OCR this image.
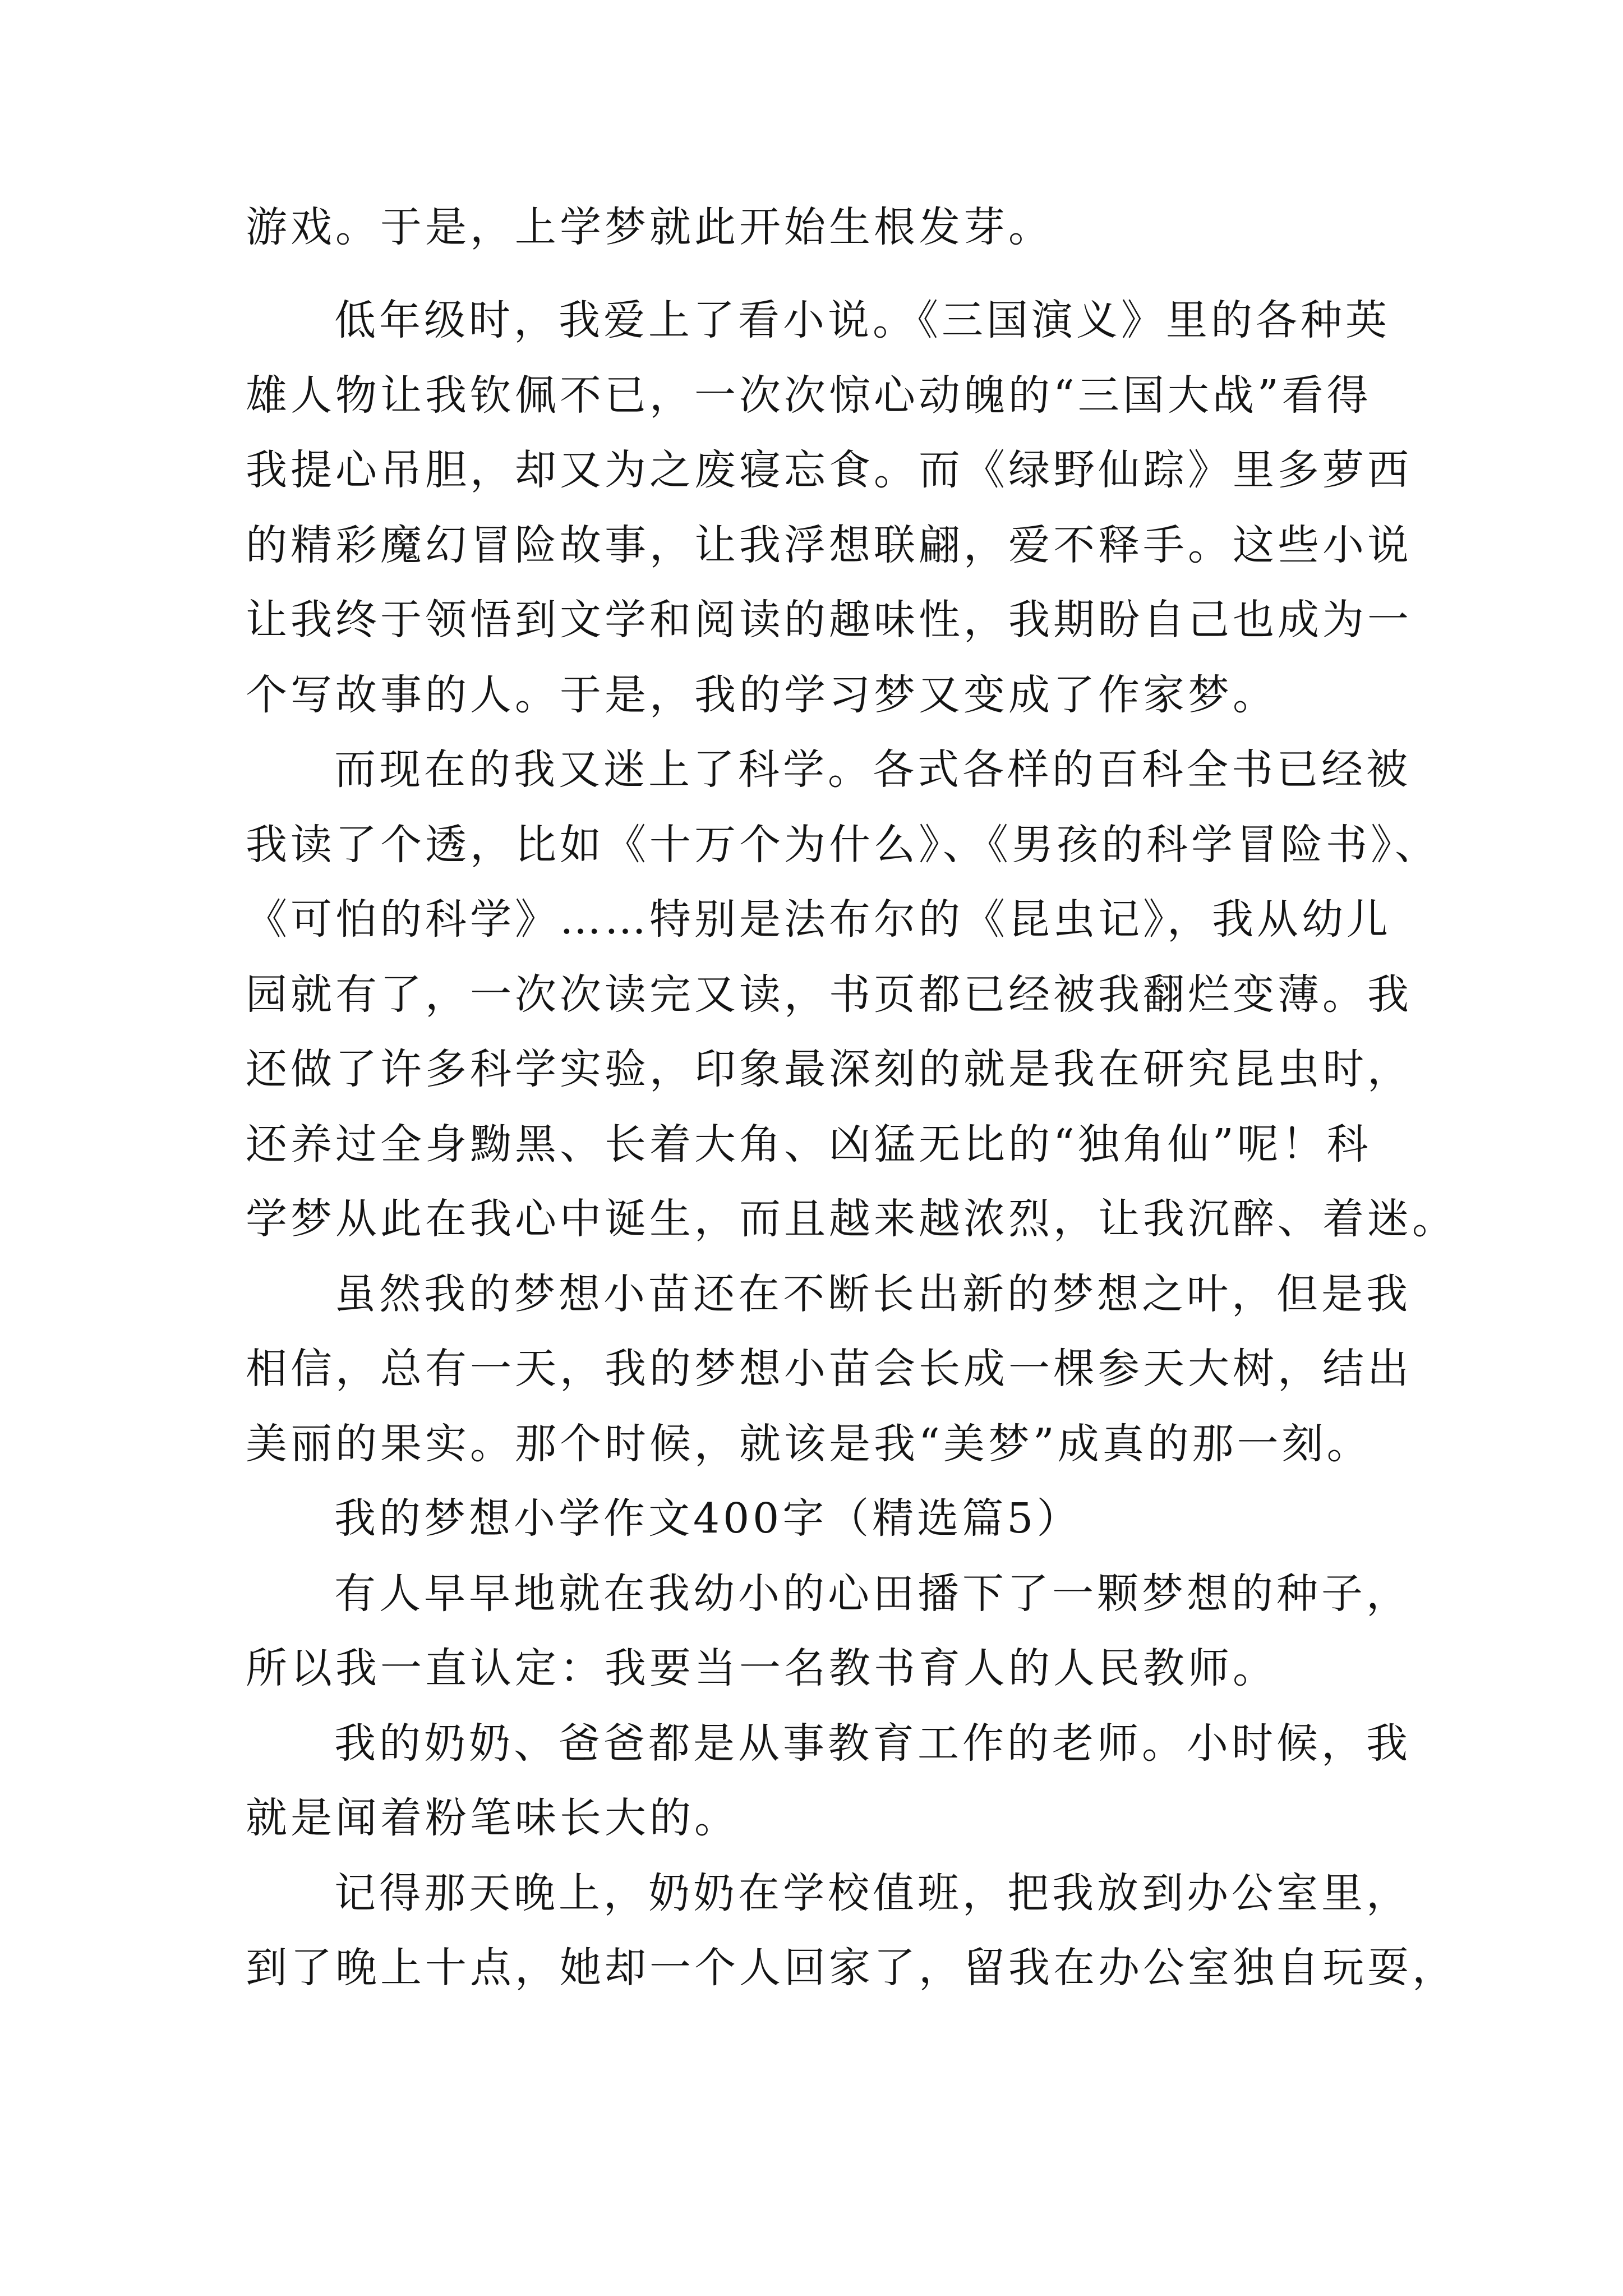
游戏。于是，上学梦就此开始生根发芽。
低年级时，我爱上了看小说。《三国演义》里的各种英
雄人物让我钦佩不已，一次次惊心动魄的“三国大战”看得
我提心吊胆，却又为之废寝忘食。而《绿野仙踪》里多萝西
的精彩魔幻冒险故事，让我浮想联翩，爱不释手。这些小说
让我终于领悟到文学和阅读的趣味性，我期盼自己也成为一
个写故事的人。于是，我的学习梦又变成了作家梦。
而现在的我又迷上了科学。各式各样的百科全书已经被
我读了个透，比如《十万个为什么》、《男孩的科学冒险书》、
《可怕的科学》……特别是法布尔的《昆虫记》，我从幼儿
园就有了，一次次读完又读，书页都已经被我翻烂变薄。我
还做了许多科学实验，印象最深刻的就是我在研究昆虫时，
还养过全身黝黑、长着大角、凶猛无比的“独角仙”呢！科
学梦从此在我心中诞生，而且越来越浓烈，让我沉醉、着迷。
虽然我的梦想小苗还在不断长出新的梦想之叶，但是我
相信，总有一天，我的梦想小苗会长成一棵参天大树，结出
美丽的果实。那个时候，就该是我“美梦”成真的那一刻。
我的梦想小学作文400字（精选篇5）
有人早早地就在我幼小的心田播下了一颗梦想的种子，
所以我一直认定：我要当一名教书育人的人民教师。
我的奶奶、爸爸都是从事教育工作的老师。小时候，我
就是闻着粉笔味长大的。
记得那天晚上，奶奶在学校值班，把我放到办公室里，
到了晚上十点，她却一个人回家了，留我在办公室独自玩耍，
